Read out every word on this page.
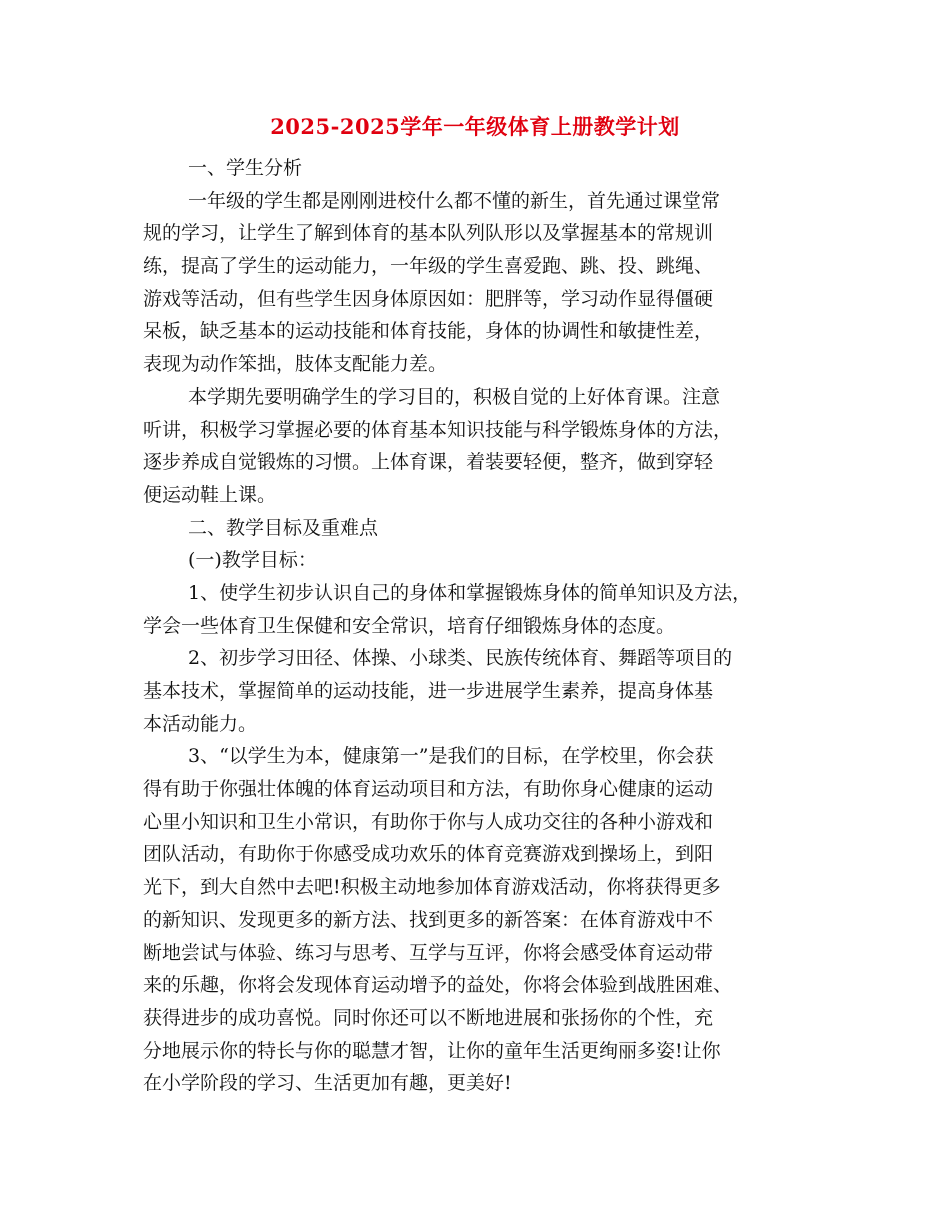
2025-2025学年一年级体育上册教学计划
一、学生分析
一年级的学生都是刚刚进校什么都不懂的新生，首先通过课堂常
规的学习，让学生了解到体育的基本队列队形以及掌握基本的常规训
练，提高了学生的运动能力，一年级的学生喜爱跑、跳、投、跳绳、
游戏等活动，但有些学生因身体原因如：肥胖等，学习动作显得僵硬
呆板，缺乏基本的运动技能和体育技能，身体的协调性和敏捷性差，
表现为动作笨拙，肢体支配能力差。
本学期先要明确学生的学习目的，积极自觉的上好体育课。注意
听讲，积极学习掌握必要的体育基本知识技能与科学锻炼身体的方法，
逐步养成自觉锻炼的习惯。上体育课，着装要轻便，整齐，做到穿轻
便运动鞋上课。
二、教学目标及重难点
(一)教学目标：
1、使学生初步认识自己的身体和掌握锻炼身体的简单知识及方法，
学会一些体育卫生保健和安全常识，培育仔细锻炼身体的态度。
2、初步学习田径、体操、小球类、民族传统体育、舞蹈等项目的
基本技术，掌握简单的运动技能，进一步进展学生素养，提高身体基
本活动能力。
3、“以学生为本，健康第一”是我们的目标，在学校里，你会获
得有助于你强壮体魄的体育运动项目和方法，有助你身心健康的运动
心里小知识和卫生小常识，有助你于你与人成功交往的各种小游戏和
团队活动，有助你于你感受成功欢乐的体育竞赛游戏到操场上，到阳
光下，到大自然中去吧!积极主动地参加体育游戏活动，你将获得更多
的新知识、发现更多的新方法、找到更多的新答案：在体育游戏中不
断地尝试与体验、练习与思考、互学与互评，你将会感受体育运动带
来的乐趣，你将会发现体育运动增予的益处，你将会体验到战胜困难、
获得进步的成功喜悦。同时你还可以不断地进展和张扬你的个性，充
分地展示你的特长与你的聪慧才智，让你的童年生活更绚丽多姿!让你
在小学阶段的学习、生活更加有趣，更美好!
